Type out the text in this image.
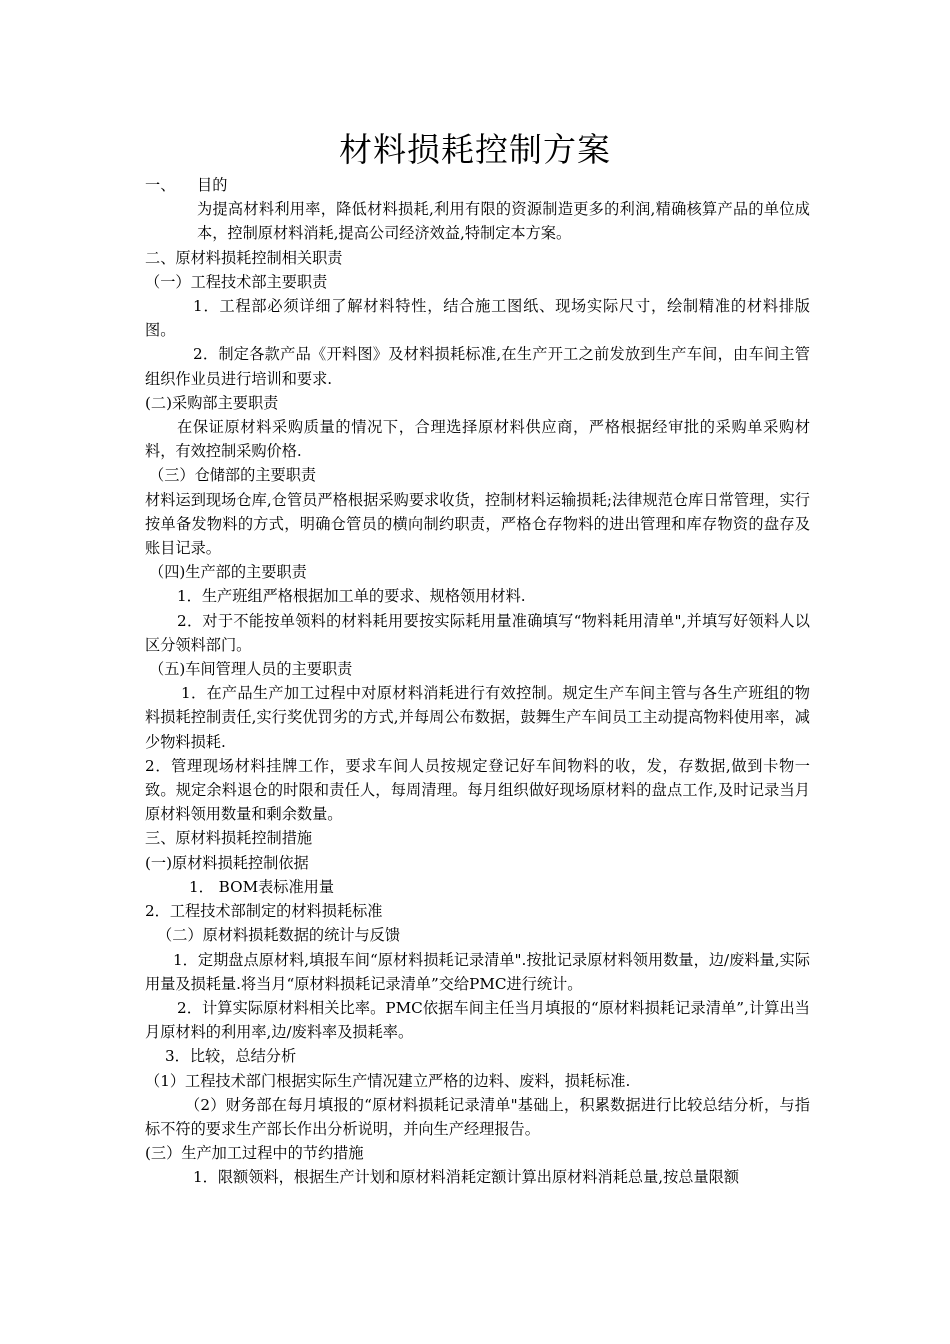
材料损耗控制方案

一、 目的

为提高材料利用率，降低材料损耗,利用有限的资源制造更多的利润,精确核算产品的单位成本，控制原材料消耗,提高公司经济效益,特制定本方案。

二、原材料损耗控制相关职责

（一）工程技术部主要职责

1．工程部必须详细了解材料特性，结合施工图纸、现场实际尺寸，绘制精准的材料排版图。

2．制定各款产品《开料图》及材料损耗标准,在生产开工之前发放到生产车间，由车间主管组织作业员进行培训和要求.

(二)采购部主要职责

在保证原材料采购质量的情况下，合理选择原材料供应商，严格根据经审批的采购单采购材料，有效控制采购价格.

（三）仓储部的主要职责

材料运到现场仓库,仓管员严格根据采购要求收货，控制材料运输损耗;法律规范仓库日常管理，实行按单备发物料的方式，明确仓管员的横向制约职责，严格仓存物料的进出管理和库存物资的盘存及账目记录。

（四)生产部的主要职责

1．生产班组严格根据加工单的要求、规格领用材料.

2．对于不能按单领料的材料耗用要按实际耗用量准确填写“物料耗用清单",并填写好领料人以区分领料部门。

（五)车间管理人员的主要职责

1．在产品生产加工过程中对原材料消耗进行有效控制。规定生产车间主管与各生产班组的物料损耗控制责任,实行奖优罚劣的方式,并每周公布数据，鼓舞生产车间员工主动提高物料使用率，减少物料损耗.

2．管理现场材料挂牌工作，要求车间人员按规定登记好车间物料的收，发，存数据,做到卡物一致。规定余料退仓的时限和责任人，每周清理。每月组织做好现场原材料的盘点工作,及时记录当月原材料领用数量和剩余数量。

三、原材料损耗控制措施

(一)原材料损耗控制依据

1． BOM表标准用量

2．工程技术部制定的材料损耗标准

（二）原材料损耗数据的统计与反馈

1．定期盘点原材料,填报车间“原材料损耗记录清单".按批记录原材料领用数量，边/废料量,实际用量及损耗量.将当月“原材料损耗记录清单”交给PMC进行统计。

2．计算实际原材料相关比率。PMC依据车间主任当月填报的“原材料损耗记录清单”,计算出当月原材料的利用率,边/废料率及损耗率。

3．比较，总结分析

（1）工程技术部门根据实际生产情况建立严格的边料、废料，损耗标准.

（2）财务部在每月填报的“原材料损耗记录清单"基础上，积累数据进行比较总结分析，与指标不符的要求生产部长作出分析说明，并向生产经理报告。

(三）生产加工过程中的节约措施

1．限额领料，根据生产计划和原材料消耗定额计算出原材料消耗总量,按总量限额
